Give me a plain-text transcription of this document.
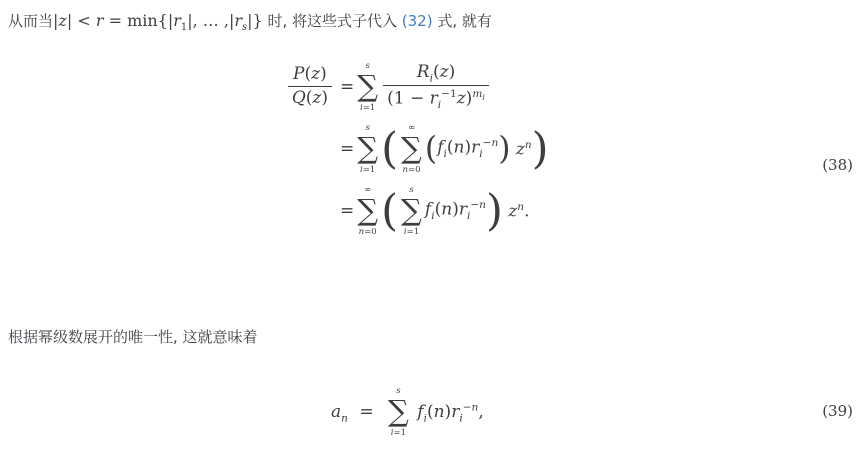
从而当$|z| < r = \min\{|r_1|$, … $,|r_s|$} 时, 将这些式子代入 (32) 式, 就有
$\frac{P(z)}{Q(z)}$ =
s
∑
$i=1 \frac{R_i(z)}{(1 - r_i^{-1}z)^{m_i}}$
=
s
∑
i=1 (	∞
∑
n=0
( $f_i(n)r_i^{-n}$ ) $z^n$ )
=
∞
∑
n=0 (	s
∑
i=1
$f_i(n)r_i^{-n}$ ) $z^n$.
(38)
根据幂级数展开的唯一性, 这就意味着
$a_n$ =
s
∑
i=1
$f_i(n)r_i^{-n}$,	(39)
